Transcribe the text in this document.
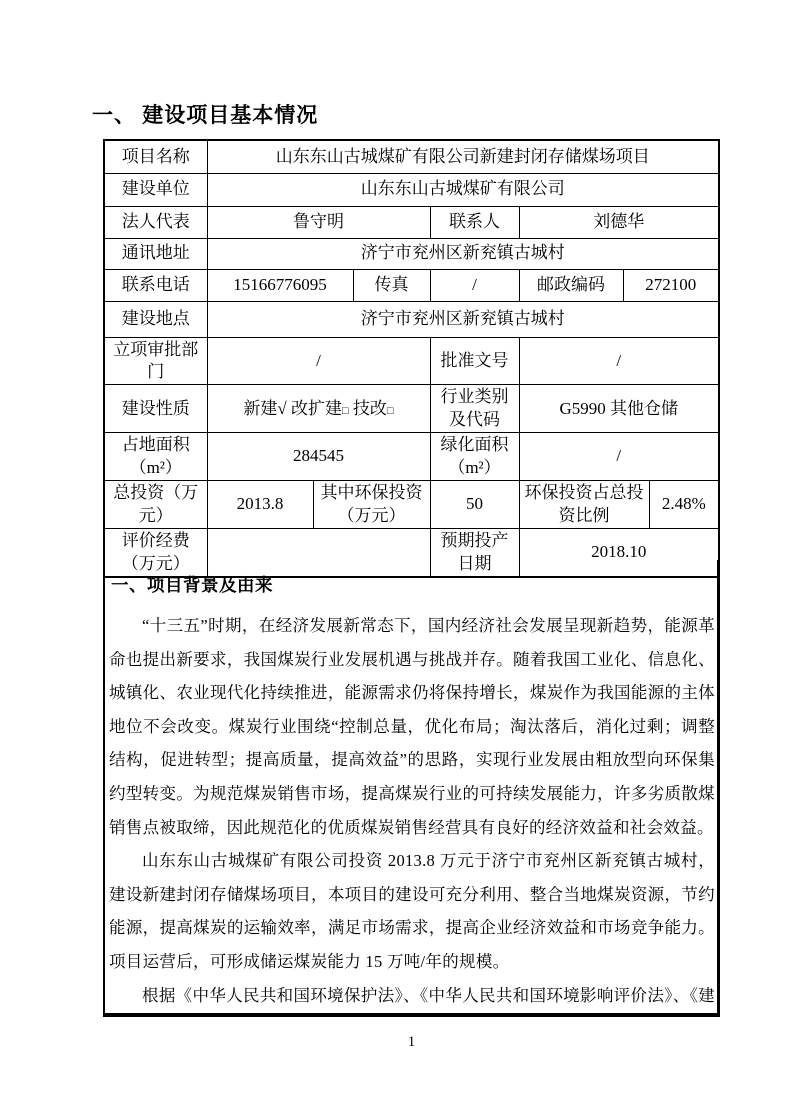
一、 建设项目基本情况
项目名称	山东东山古城煤矿有限公司新建封闭存储煤场项目						
建设单位	山东东山古城煤矿有限公司						
法人代表	鲁守明			联系人	刘德华		
通讯地址	济宁市兖州区新兖镇古城村						
联系电话	15166776095		传真	/	邮政编码	272100	
建设地点	济宁市兖州区新兖镇古城村						
立项审批部门	/			批准文号	/		
建设性质	新建√ 改扩建□ 技改□			行业类别及代码	G5990 其他仓储		
占地面积（m²）	284545			绿化面积（m²）	/		
总投资（万元）	2013.8	其中环保投资（万元）		50	环保投资占总投资比例		2.48%
评价经费（万元）				预期投产日期	2018.10		
一、项目背景及由来

“十三五”时期，在经济发展新常态下，国内经济社会发展呈现新趋势，能源革命也提出新要求，我国煤炭行业发展机遇与挑战并存。随着我国工业化、信息化、城镇化、农业现代化持续推进，能源需求仍将保持增长，煤炭作为我国能源的主体地位不会改变。煤炭行业围绕“控制总量，优化布局；淘汰落后，消化过剩；调整结构，促进转型；提高质量，提高效益”的思路，实现行业发展由粗放型向环保集约型转变。为规范煤炭销售市场，提高煤炭行业的可持续发展能力，许多劣质散煤销售点被取缔，因此规范化的优质煤炭销售经营具有良好的经济效益和社会效益。

山东东山古城煤矿有限公司投资 2013.8 万元于济宁市兖州区新兖镇古城村，建设新建封闭存储煤场项目，本项目的建设可充分利用、整合当地煤炭资源，节约能源，提高煤炭的运输效率，满足市场需求，提高企业经济效益和市场竞争能力。项目运营后，可形成储运煤炭能力 15 万吨/年的规模。

根据《中华人民共和国环境保护法》、《中华人民共和国环境影响评价法》、《建

1
